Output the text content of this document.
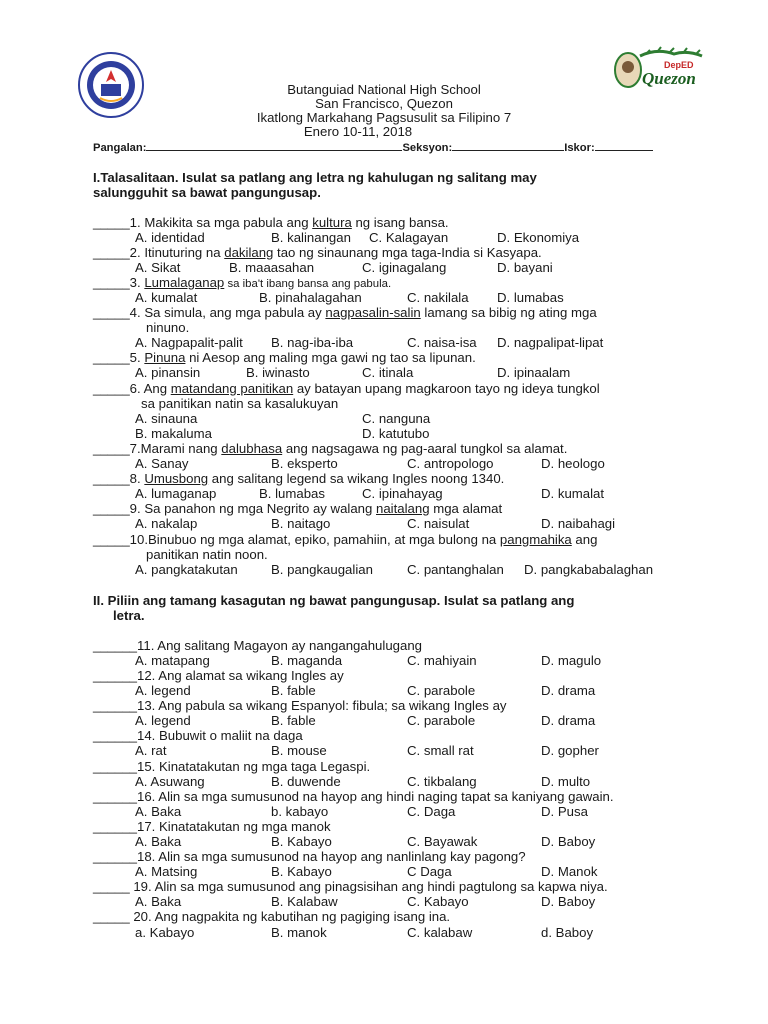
DepED
Quezon
Butanguiad National High School
San Francisco, Quezon
Ikatlong Markahang Pagsusulit sa Filipino 7
Enero 10-11, 2018
Pangalan:	Seksyon:	Iskor:
I.Talasalitaan. Isulat sa patlang ang letra ng kahulugan ng salitang may
salungguhit sa bawat pangungusap.
_____1. Makikita sa mga pabula ang kultura ng isang bansa.
A. identidad	B. kalinangan C. Kalagayan	D. Ekonomiya
_____2. Itinuturing na dakilang tao ng sinaunang mga taga-India si Kasyapa.
A. Sikat	B. maaasahan	C. iginagalang	D. bayani
_____3. Lumalaganap sa iba't ibang bansa ang pabula.
A. kumalat	B. pinahalagahan	C. nakilala D. lumabas
_____4. Sa simula, ang mga pabula ay nagpasalin-salin lamang sa bibig ng ating mga
ninuno.
A. Nagpapalit-palit B. nag-iba-iba	C. naisa-isa D. nagpalipat-lipat
_____5. Pinuna ni Aesop ang maling mga gawi ng tao sa lipunan.
A. pinansin	B. iwinasto	C. itinala	D. ipinaalam
_____6. Ang matandang panitikan ay batayan upang magkaroon tayo ng ideya tungkol
sa panitikan natin sa kasalukuyan
A. sinauna	C. nanguna
B. makaluma	D. katutubo
_____7.Marami nang dalubhasa ang nagsagawa ng pag-aaral tungkol sa alamat.
A. Sanay	B. eksperto	C. antropologo	D. heologo
_____8. Umusbong ang salitang legend sa wikang Ingles noong 1340.
A. lumaganap	B. lumabas	C. ipinahayag	D. kumalat
_____9. Sa panahon ng mga Negrito ay walang naitalang mga alamat
A. nakalap	B. naitago	C. naisulat	D. naibahagi
_____10.Binubuo ng mga alamat, epiko, pamahiin, at mga bulong na pangmahika ang
panitikan natin noon.
A. pangkatakutan	B. pangkaugalian	C. pantanghalan D. pangkababalaghan
II. Piliin ang tamang kasagutan ng bawat pangungusap. Isulat sa patlang ang
letra.
______11. Ang salitang Magayon ay nangangahulugang
A. matapang	B. maganda	C. mahiyain	D. magulo
______12. Ang alamat sa wikang Ingles ay
A. legend	B. fable	C. parabole	D. drama
______13. Ang pabula sa wikang Espanyol: fibula; sa wikang Ingles ay
A. legend	B. fable	C. parabole	D. drama
______14. Bubuwit o maliit na daga
A. rat	B. mouse	C. small rat	D. gopher
______15. Kinatatakutan ng mga taga Legaspi.
A. Asuwang	B. duwende	C. tikbalang	D. multo
______16. Alin sa mga sumusunod na hayop ang hindi naging tapat sa kaniyang gawain.
A. Baka	b. kabayo	C. Daga	D. Pusa
______17. Kinatatakutan ng mga manok
A. Baka	B. Kabayo	C. Bayawak	D. Baboy
______18. Alin sa mga sumusunod na hayop ang nanlinlang kay pagong?
A. Matsing	B. Kabayo	C Daga	D. Manok
_____ 19. Alin sa mga sumusunod ang pinagsisihan ang hindi pagtulong sa kapwa niya.
A. Baka	B. Kalabaw	C. Kabayo	D. Baboy
_____ 20. Ang nagpakita ng kabutihan ng pagiging isang ina.
a. Kabayo	B. manok	C. kalabaw	d. Baboy
